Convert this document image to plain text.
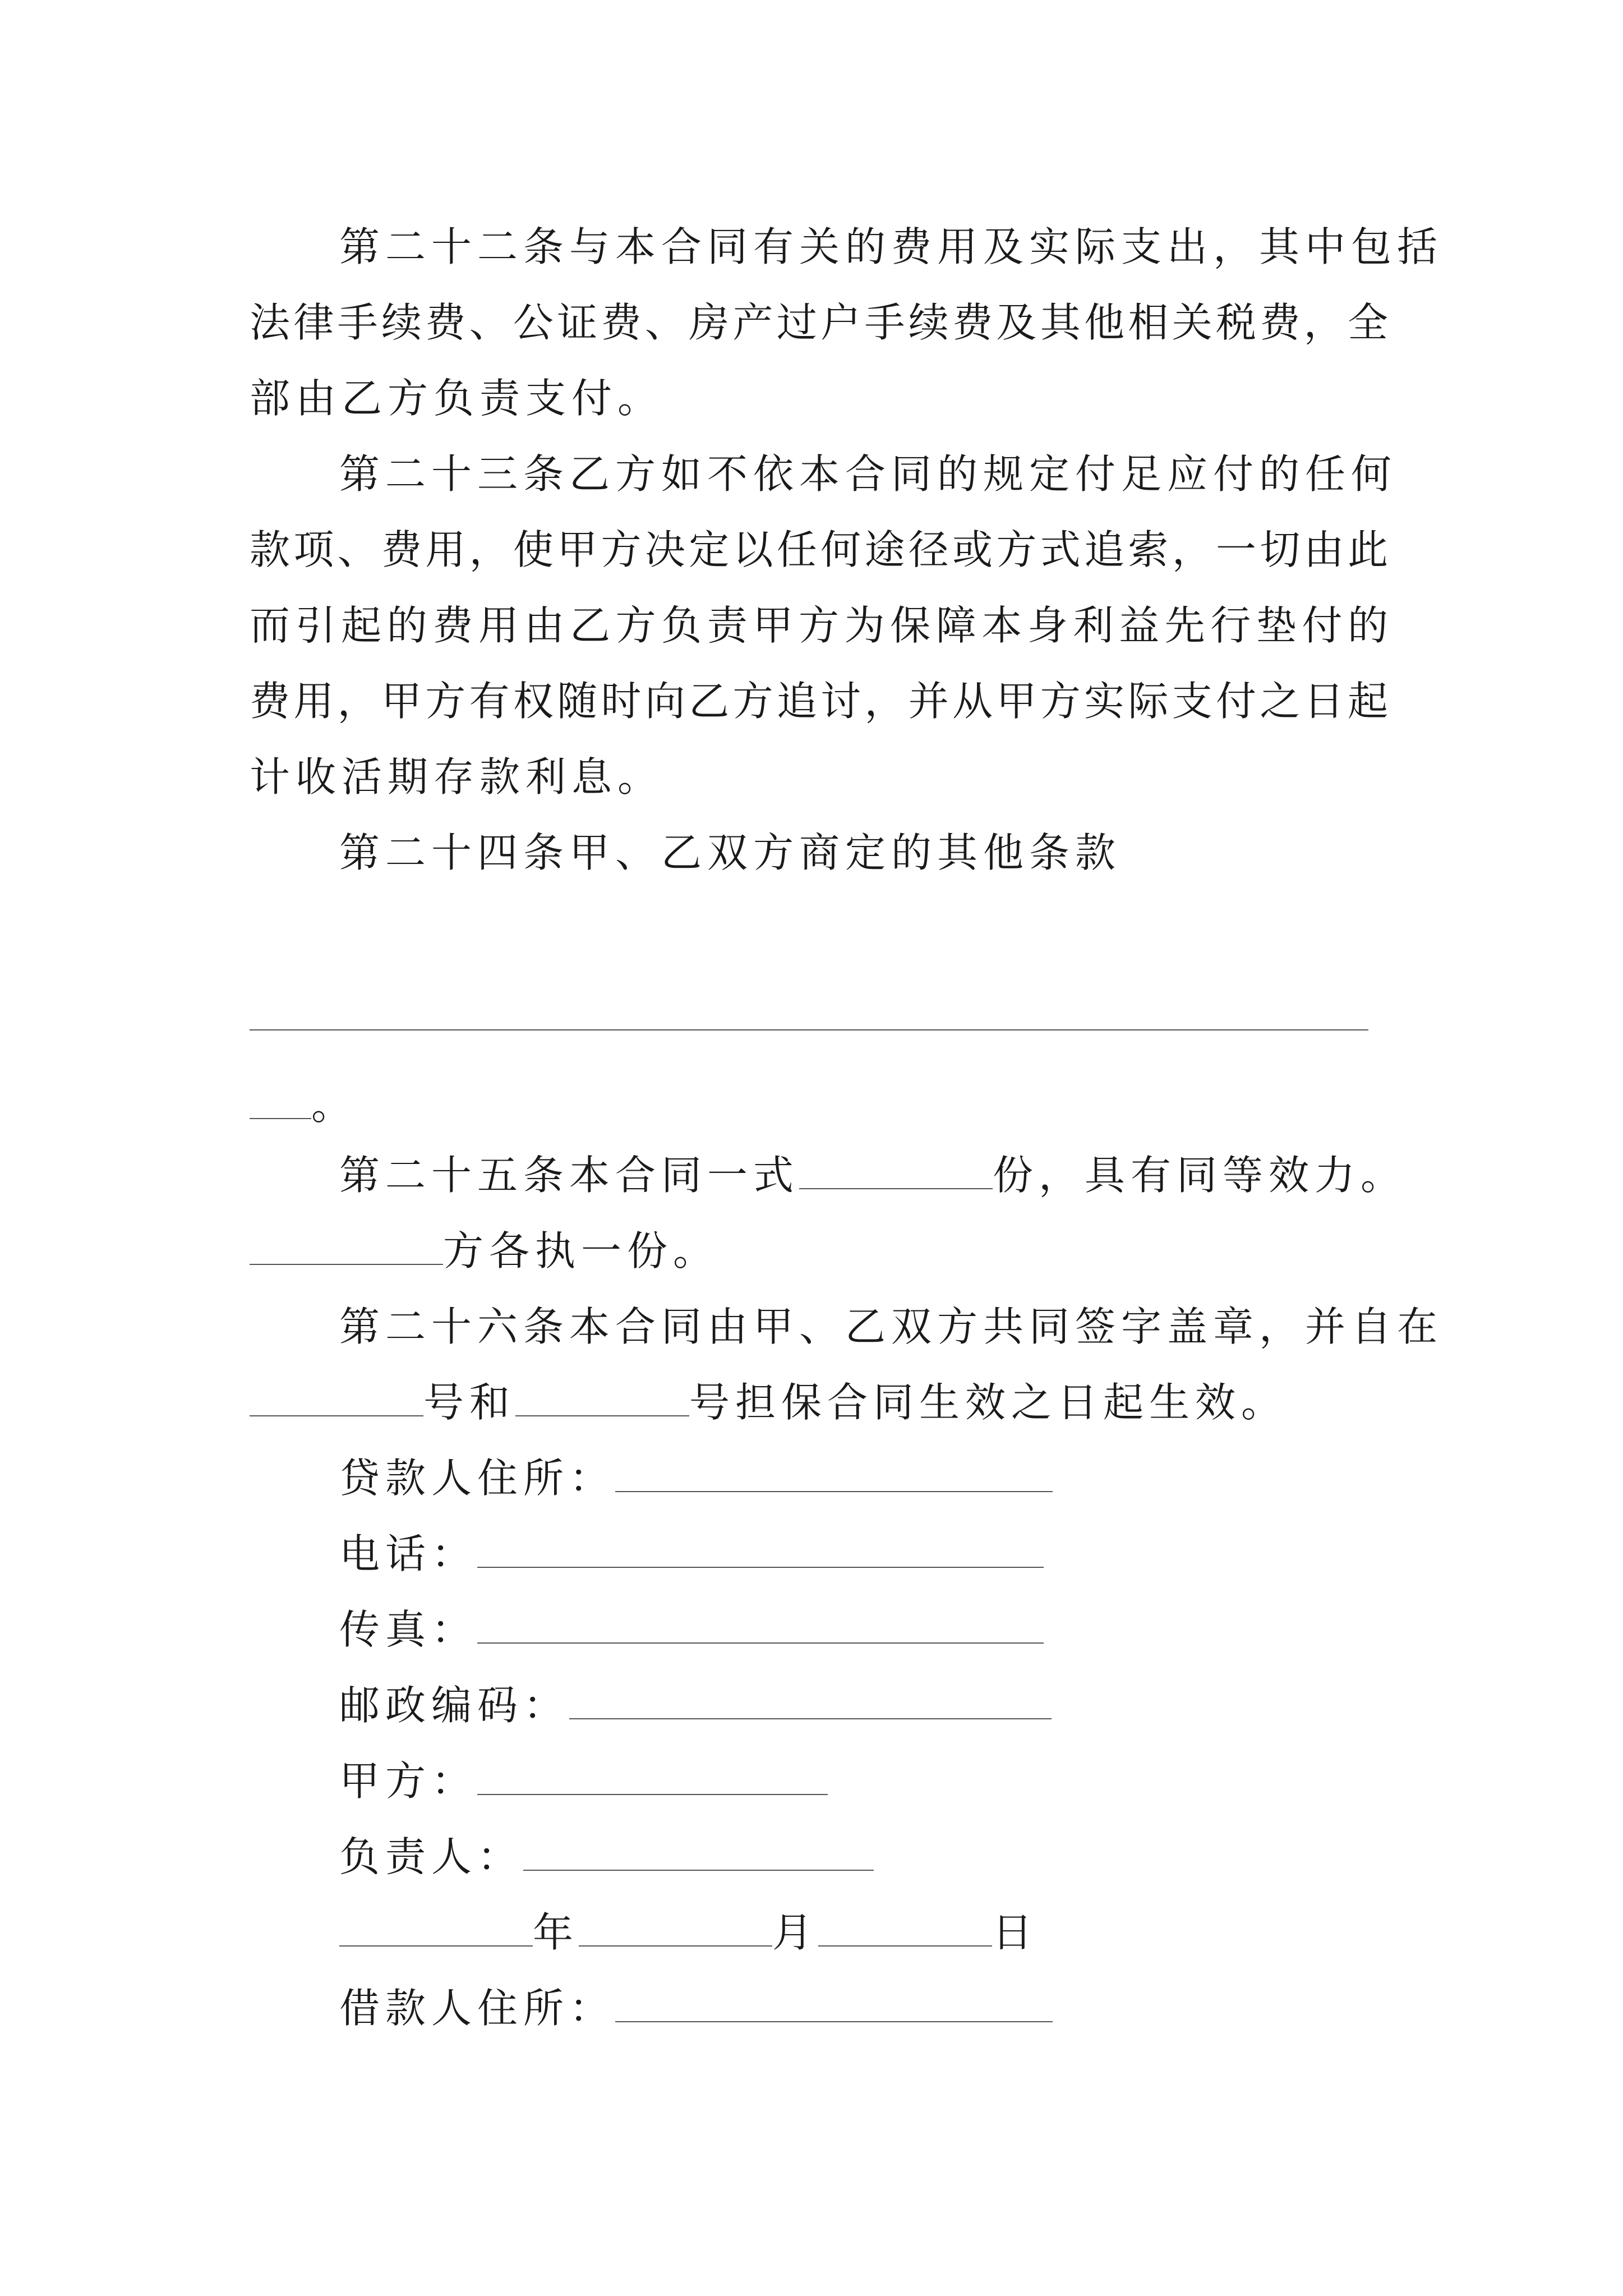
第二十二条与本合同有关的费用及实际支出，其中包括
法律手续费、公证费、房产过户手续费及其他相关税费，全
部由乙方负责支付。
第二十三条乙方如不依本合同的规定付足应付的任何
款项、费用，使甲方决定以任何途径或方式追索，一切由此
而引起的费用由乙方负责甲方为保障本身利益先行垫付的
费用，甲方有权随时向乙方追讨，并从甲方实际支付之日起
计收活期存款利息。
第二十四条甲、乙双方商定的其他条款
。
第二十五条本合同一式	份，具有同等效力。
方各执一份。
第二十六条本合同由甲、乙双方共同签字盖章，并自在
号和	号担保合同生效之日起生效。
贷款人住所：
电话：
传真：
邮政编码：
甲方：
负责人：
年	月	日
借款人住所：
